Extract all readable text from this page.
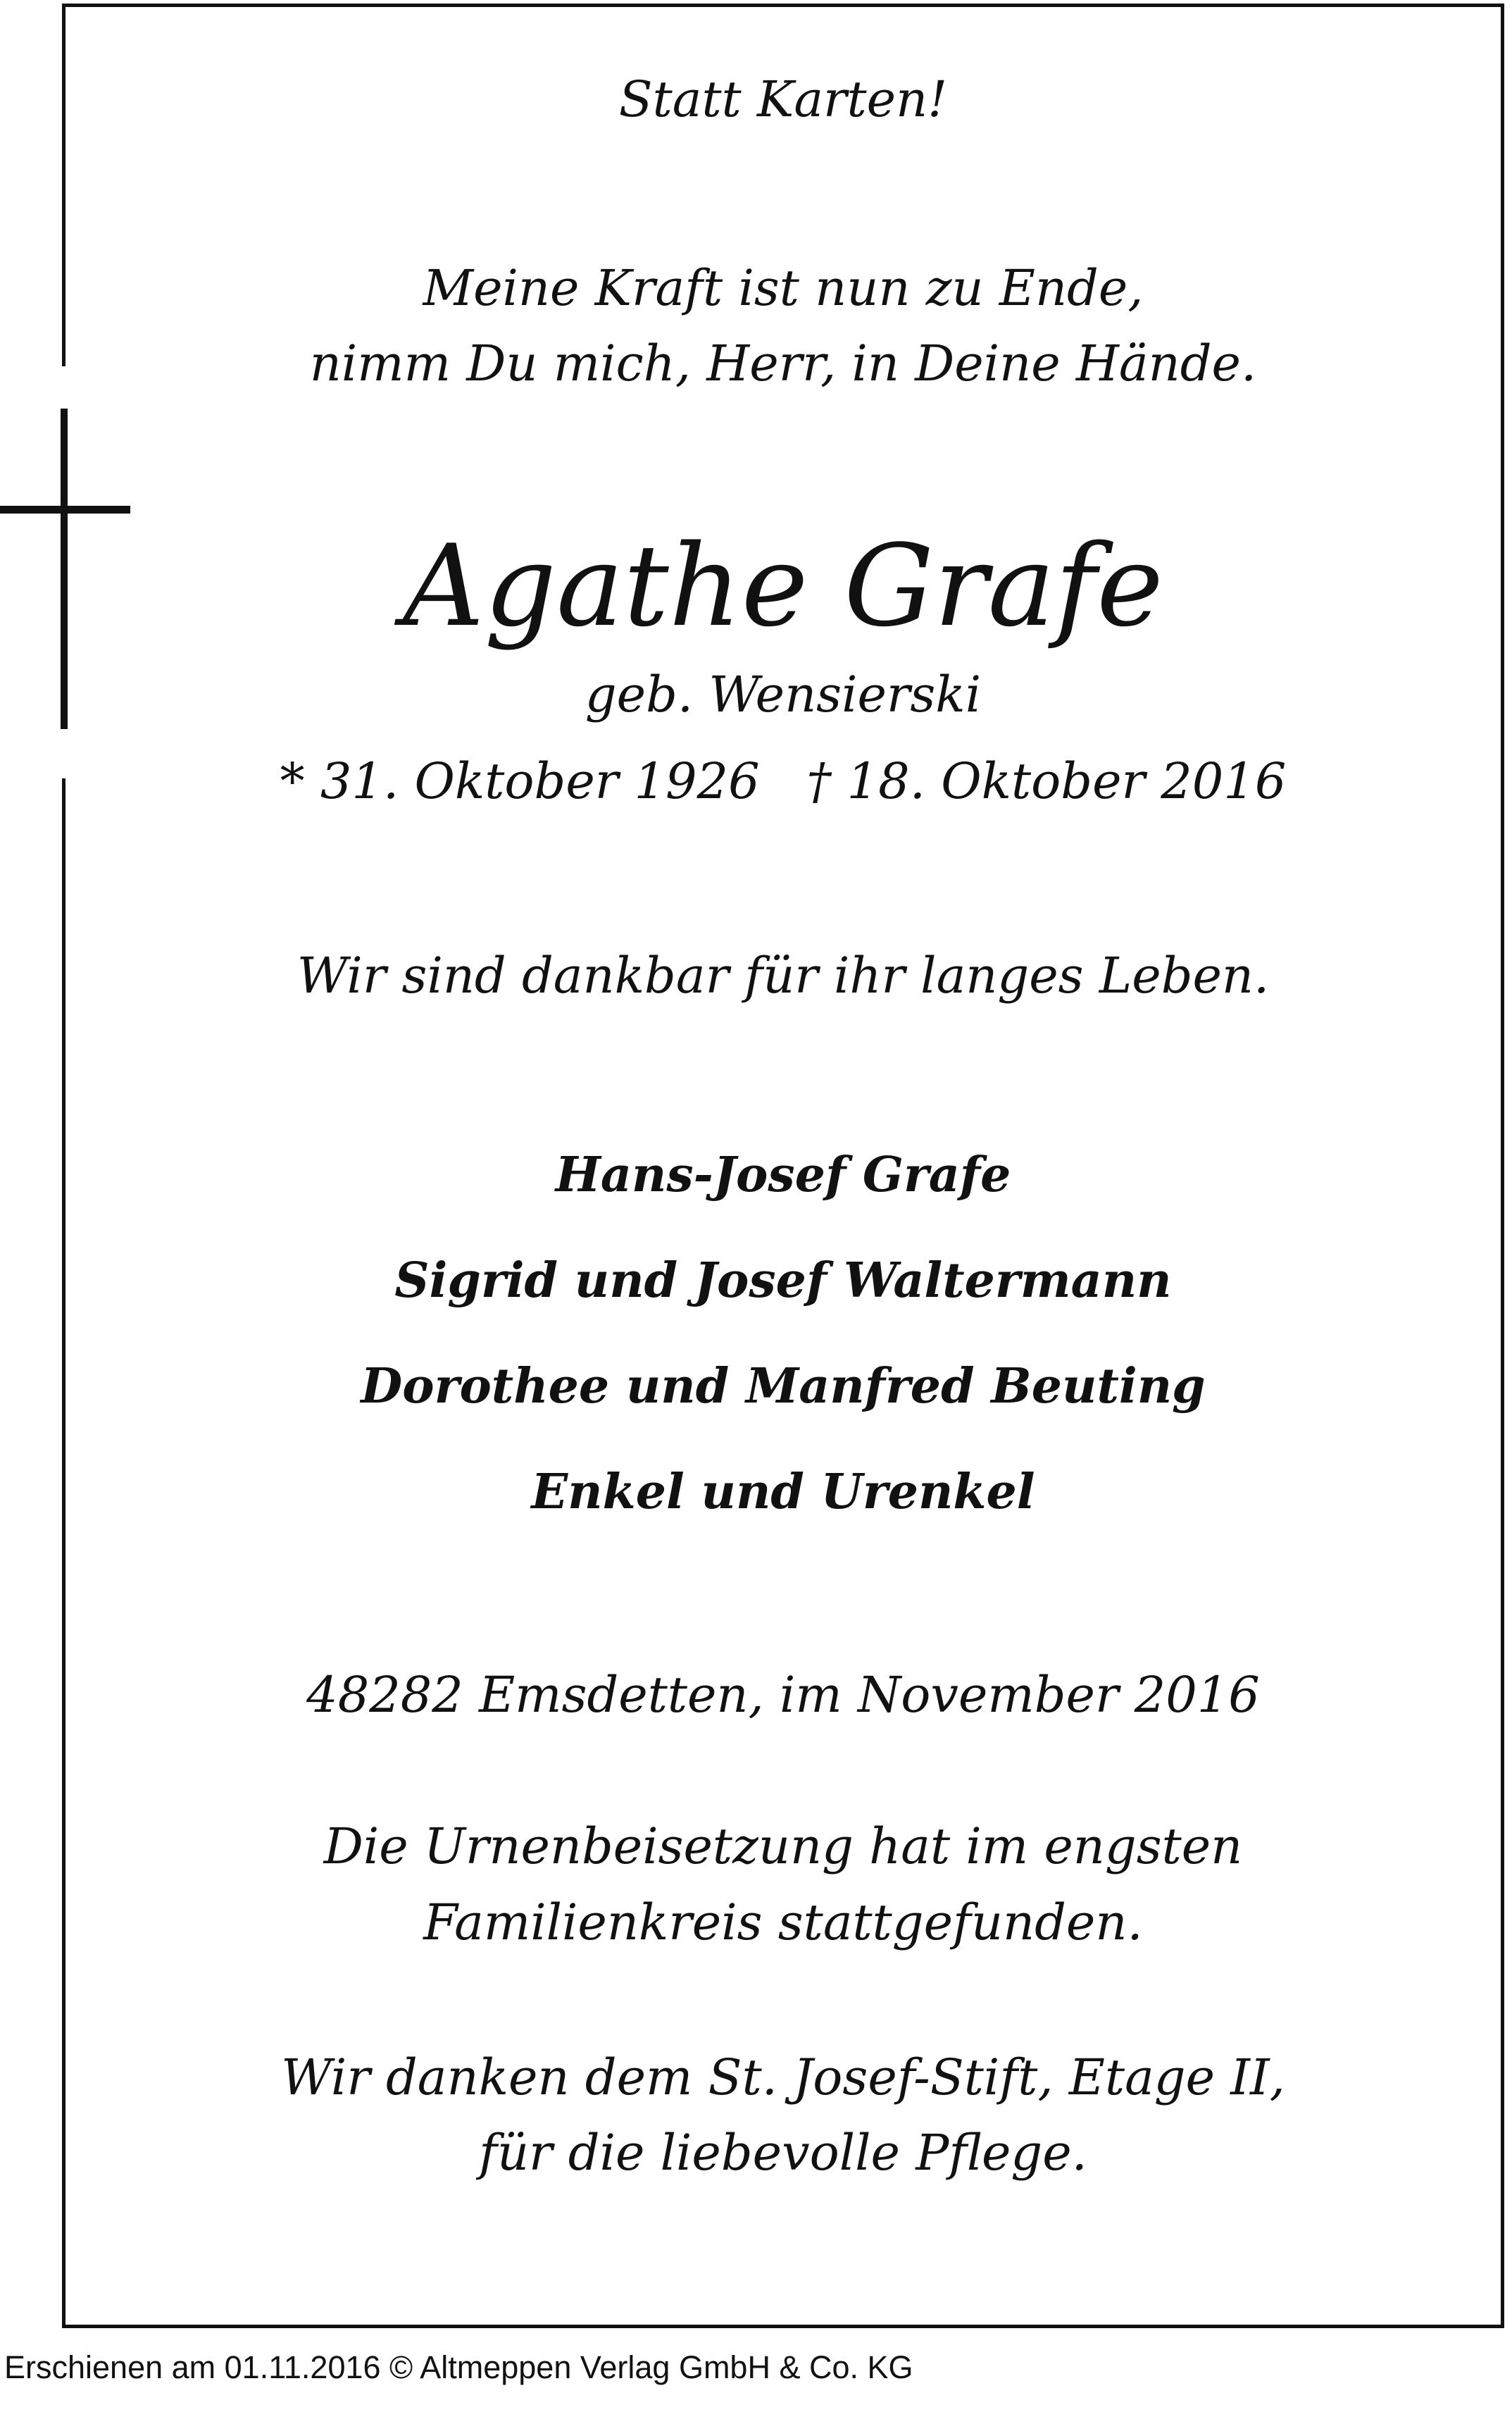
Statt Karten!

Meine Kraft ist nun zu Ende,

nimm Du mich, Herr, in Deine Hände.

Agathe Grafe

geb. Wensierski

* 31. Oktober 1926   † 18. Oktober 2016

Wir sind dankbar für ihr langes Leben.

Hans-Josef Grafe

Sigrid und Josef Waltermann

Dorothee und Manfred Beuting

Enkel und Urenkel

48282 Emsdetten, im November 2016

Die Urnenbeisetzung hat im engsten

Familienkreis stattgefunden.

Wir danken dem St. Josef-Stift, Etage II,

für die liebevolle Pflege.

Erschienen am 01.11.2016 © Altmeppen Verlag GmbH & Co. KG
